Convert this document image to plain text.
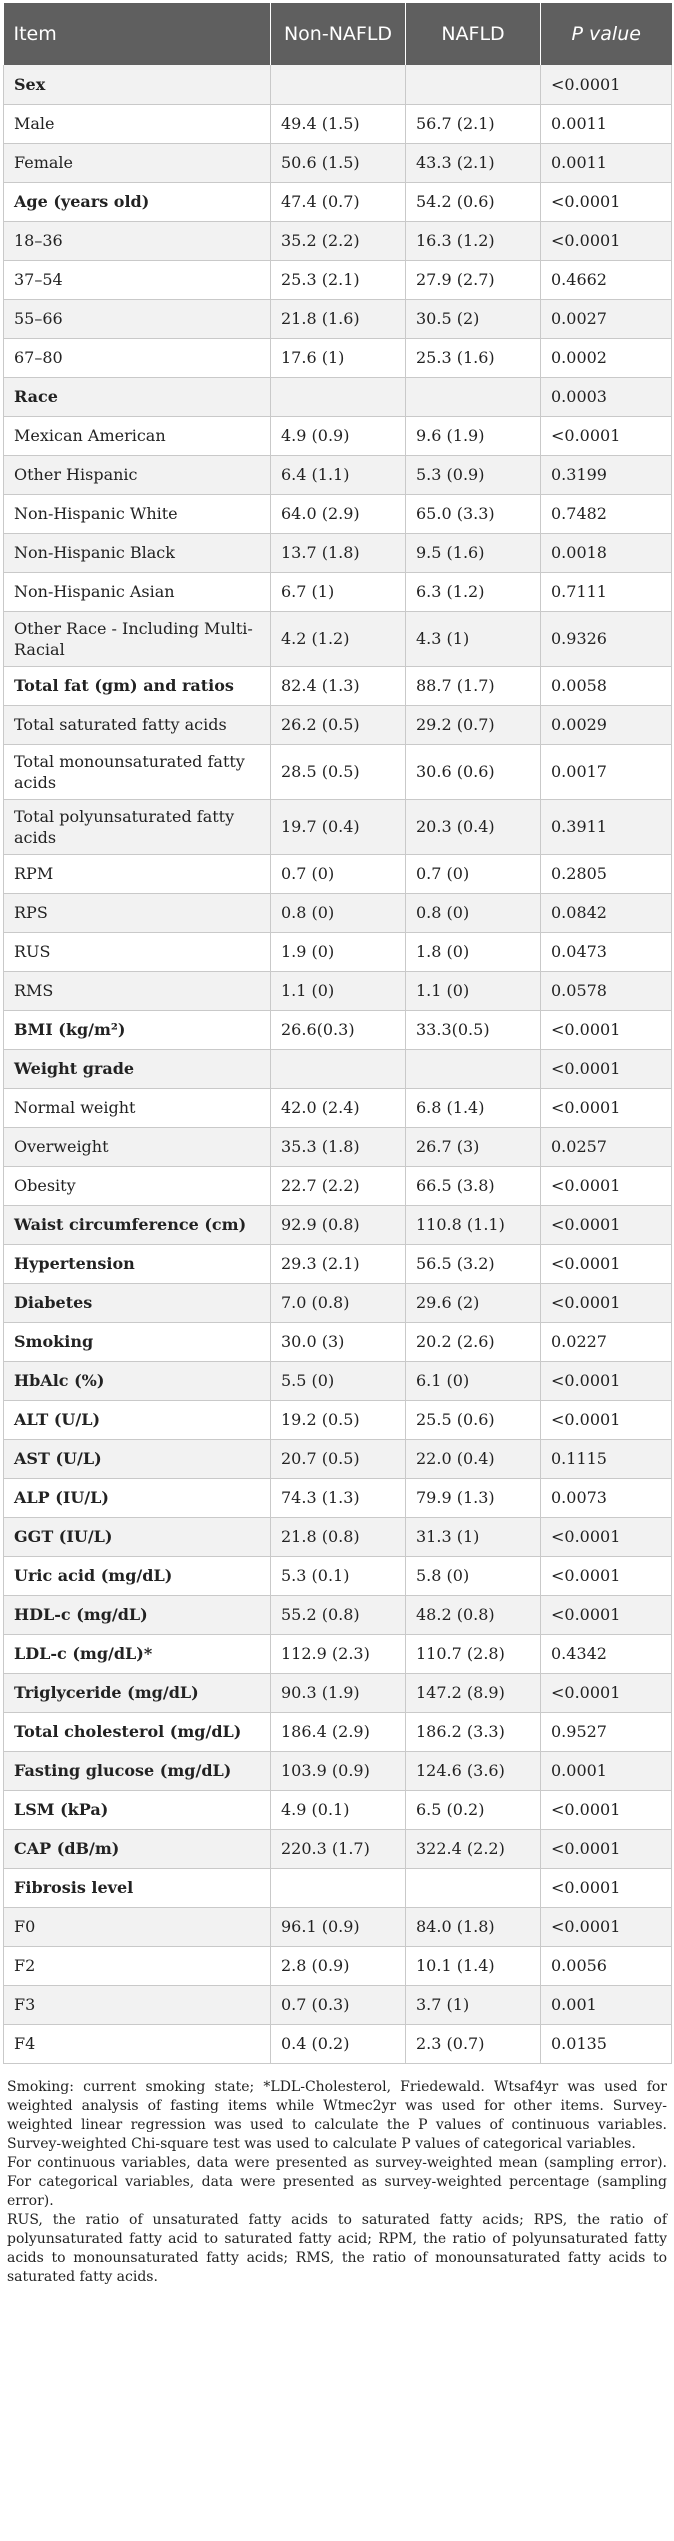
Item	Non-NAFLD	NAFLD	P value
Sex			<0.0001
Male	49.4 (1.5)	56.7 (2.1)	0.0011
Female	50.6 (1.5)	43.3 (2.1)	0.0011
Age (years old)	47.4 (0.7)	54.2 (0.6)	<0.0001
18–36	35.2 (2.2)	16.3 (1.2)	<0.0001
37–54	25.3 (2.1)	27.9 (2.7)	0.4662
55–66	21.8 (1.6)	30.5 (2)	0.0027
67–80	17.6 (1)	25.3 (1.6)	0.0002
Race			0.0003
Mexican American	4.9 (0.9)	9.6 (1.9)	<0.0001
Other Hispanic	6.4 (1.1)	5.3 (0.9)	0.3199
Non-Hispanic White	64.0 (2.9)	65.0 (3.3)	0.7482
Non-Hispanic Black	13.7 (1.8)	9.5 (1.6)	0.0018
Non-Hispanic Asian	6.7 (1)	6.3 (1.2)	0.7111
Other Race - Including Multi-Racial	4.2 (1.2)	4.3 (1)	0.9326
Total fat (gm) and ratios	82.4 (1.3)	88.7 (1.7)	0.0058
Total saturated fatty acids	26.2 (0.5)	29.2 (0.7)	0.0029
Total monounsaturated fatty acids	28.5 (0.5)	30.6 (0.6)	0.0017
Total polyunsaturated fatty acids	19.7 (0.4)	20.3 (0.4)	0.3911
RPM	0.7 (0)	0.7 (0)	0.2805
RPS	0.8 (0)	0.8 (0)	0.0842
RUS	1.9 (0)	1.8 (0)	0.0473
RMS	1.1 (0)	1.1 (0)	0.0578
BMI (kg/m²)	26.6(0.3)	33.3(0.5)	<0.0001
Weight grade			<0.0001
Normal weight	42.0 (2.4)	6.8 (1.4)	<0.0001
Overweight	35.3 (1.8)	26.7 (3)	0.0257
Obesity	22.7 (2.2)	66.5 (3.8)	<0.0001
Waist circumference (cm)	92.9 (0.8)	110.8 (1.1)	<0.0001
Hypertension	29.3 (2.1)	56.5 (3.2)	<0.0001
Diabetes	7.0 (0.8)	29.6 (2)	<0.0001
Smoking	30.0 (3)	20.2 (2.6)	0.0227
HbAlc (%)	5.5 (0)	6.1 (0)	<0.0001
ALT (U/L)	19.2 (0.5)	25.5 (0.6)	<0.0001
AST (U/L)	20.7 (0.5)	22.0 (0.4)	0.1115
ALP (IU/L)	74.3 (1.3)	79.9 (1.3)	0.0073
GGT (IU/L)	21.8 (0.8)	31.3 (1)	<0.0001
Uric acid (mg/dL)	5.3 (0.1)	5.8 (0)	<0.0001
HDL-c (mg/dL)	55.2 (0.8)	48.2 (0.8)	<0.0001
LDL-c (mg/dL)*	112.9 (2.3)	110.7 (2.8)	0.4342
Triglyceride (mg/dL)	90.3 (1.9)	147.2 (8.9)	<0.0001
Total cholesterol (mg/dL)	186.4 (2.9)	186.2 (3.3)	0.9527
Fasting glucose (mg/dL)	103.9 (0.9)	124.6 (3.6)	0.0001
LSM (kPa)	4.9 (0.1)	6.5 (0.2)	<0.0001
CAP (dB/m)	220.3 (1.7)	322.4 (2.2)	<0.0001
Fibrosis level			<0.0001
F0	96.1 (0.9)	84.0 (1.8)	<0.0001
F2	2.8 (0.9)	10.1 (1.4)	0.0056
F3	0.7 (0.3)	3.7 (1)	0.001
F4	0.4 (0.2)	2.3 (0.7)	0.0135

Smoking: current smoking state; *LDL-Cholesterol, Friedewald. Wtsaf4yr was used for weighted analysis of fasting items while Wtmec2yr was used for other items. Survey-weighted linear regression was used to calculate the P values of continuous variables. Survey-weighted Chi-square test was used to calculate P values of categorical variables.

For continuous variables, data were presented as survey-weighted mean (sampling error). For categorical variables, data were presented as survey-weighted percentage (sampling error).

RUS, the ratio of unsaturated fatty acids to saturated fatty acids; RPS, the ratio of polyunsaturated fatty acid to saturated fatty acid; RPM, the ratio of polyunsaturated fatty acids to monounsaturated fatty acids; RMS, the ratio of monounsaturated fatty acids to saturated fatty acids.
